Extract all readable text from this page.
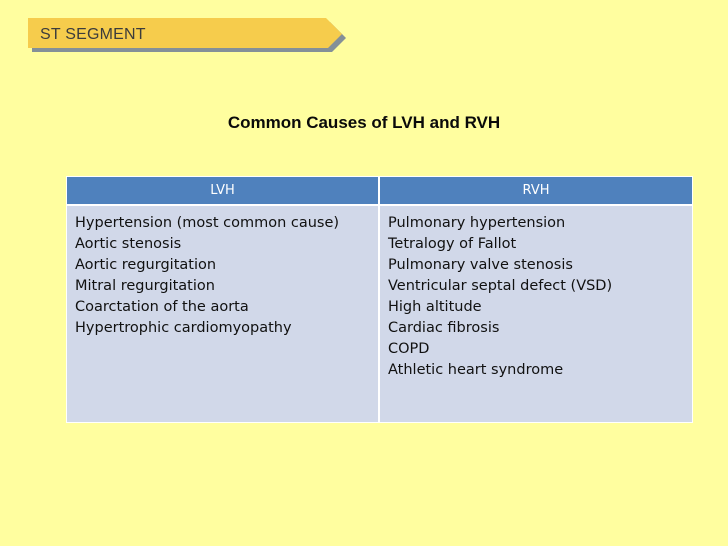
ST SEGMENT
Common Causes of LVH and RVH
LVH	RVH
Hypertension (most common cause)
Aortic stenosis
Aortic regurgitation
Mitral regurgitation
Coarctation of the aorta
Hypertrophic cardiomyopathy
Pulmonary hypertension
Tetralogy of Fallot
Pulmonary valve stenosis
Ventricular septal defect (VSD)
High altitude
Cardiac fibrosis
COPD
Athletic heart syndrome
